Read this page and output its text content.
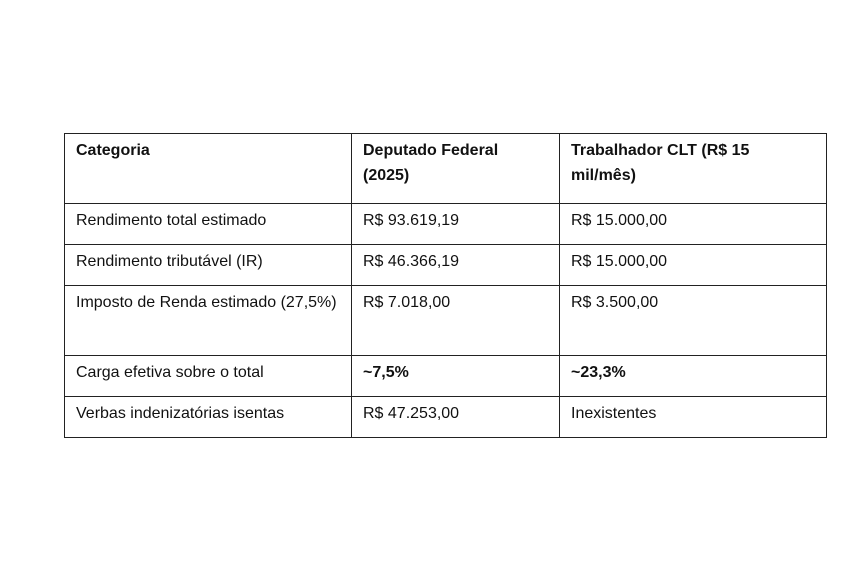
Categoria	Deputado Federal (2025)	Trabalhador CLT (R$ 15 mil/mês)
Rendimento total estimado	R$ 93.619,19	R$ 15.000,00
Rendimento tributável (IR)	R$ 46.366,19	R$ 15.000,00
Imposto de Renda estimado (27,5%)	R$ 7.018,00	R$ 3.500,00
Carga efetiva sobre o total	~7,5%	~23,3%
Verbas indenizatórias isentas	R$ 47.253,00	Inexistentes
